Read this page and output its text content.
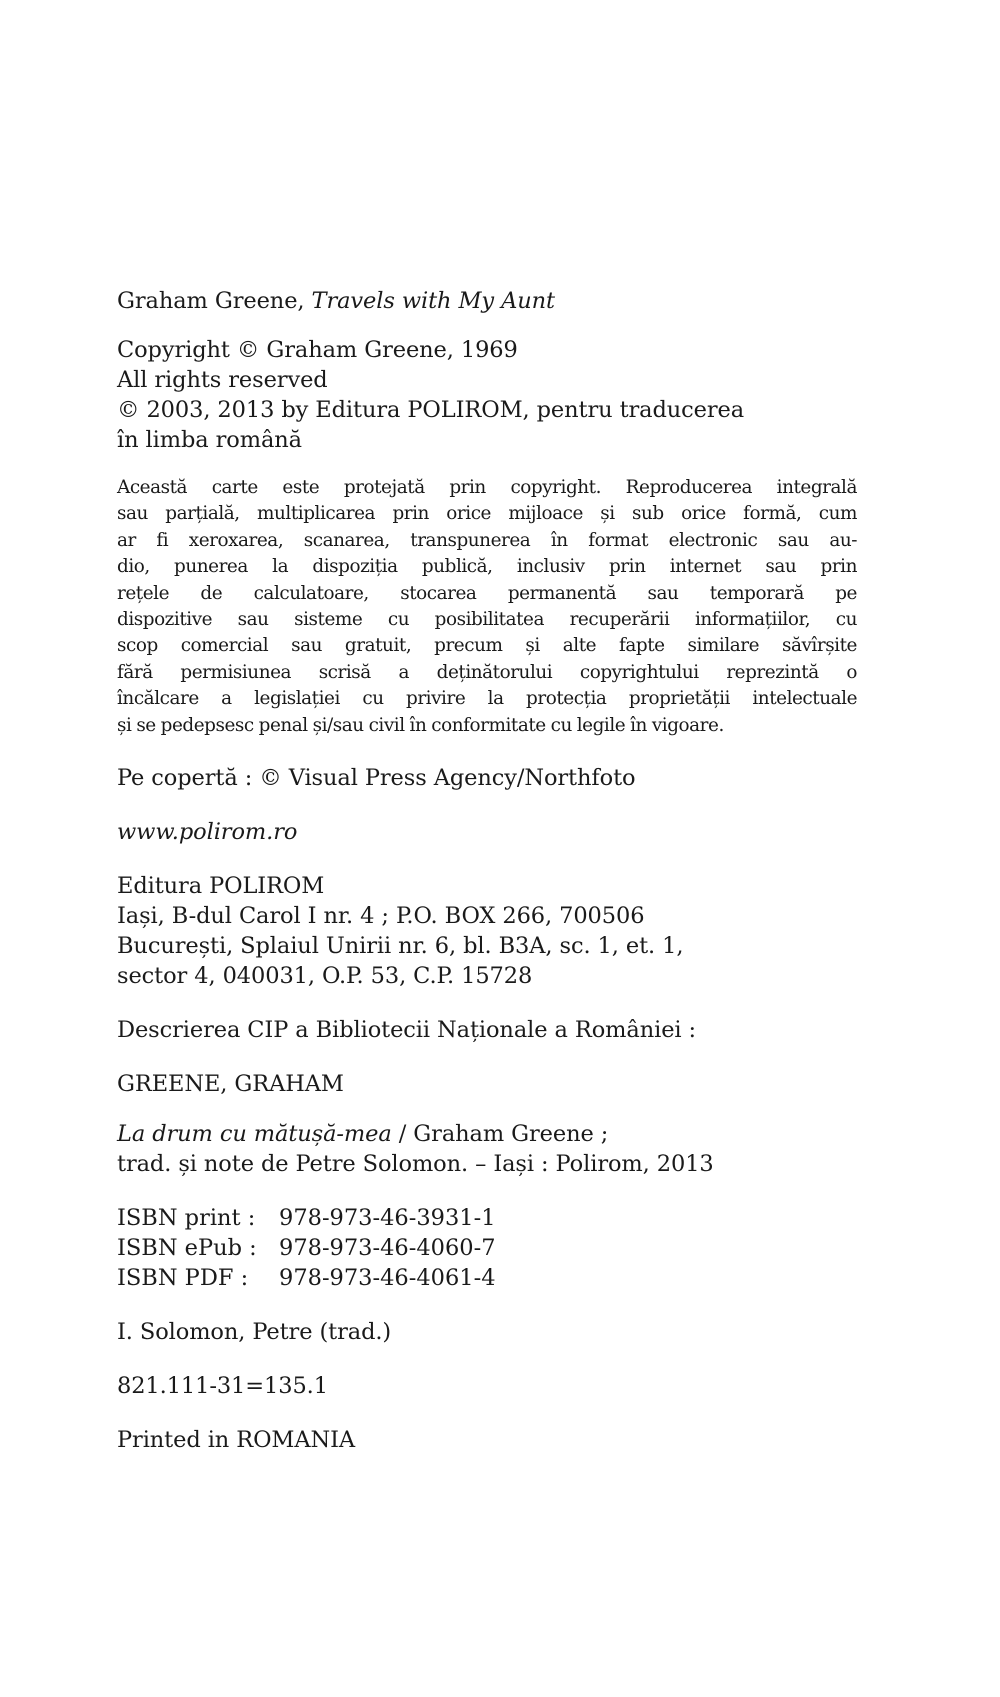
Graham Greene, Travels with My Aunt
Copyright © Graham Greene, 1969
All rights reserved
© 2003, 2013 by Editura POLIROM, pentru traducerea
în limba română
Această carte este protejată prin copyright. Reproducerea integrală
sau parțială, multiplicarea prin orice mijloace și sub orice formă, cum
ar fi xeroxarea, scanarea, transpunerea în format electronic sau au-
dio, punerea la dispoziția publică, inclusiv prin internet sau prin
rețele de calculatoare, stocarea permanentă sau temporară pe
dispozitive sau sisteme cu posibilitatea recuperării informațiilor, cu
scop comercial sau gratuit, precum și alte fapte similare săvîrșite
fără permisiunea scrisă a deținătorului copyrightului reprezintă o
încălcare a legislației cu privire la protecția proprietății intelectuale
și se pedepsesc penal și/sau civil în conformitate cu legile în vigoare.
Pe copertă : © Visual Press Agency/Northfoto
www.polirom.ro
Editura POLIROM
Iași, B-dul Carol I nr. 4 ; P.O. BOX 266, 700506
București, Splaiul Unirii nr. 6, bl. B3A, sc. 1, et. 1,
sector 4, 040031, O.P. 53, C.P. 15728
Descrierea CIP a Bibliotecii Naționale a României :
GREENE, GRAHAM
La drum cu mătușă-mea / Graham Greene ;
trad. și note de Petre Solomon. – Iași : Polirom, 2013
ISBN print :	978-973-46-3931-1
ISBN ePub : 978-973-46-4060-7
ISBN PDF :	978-973-46-4061-4
I. Solomon, Petre (trad.)
821.111-31=135.1
Printed in ROMANIA
